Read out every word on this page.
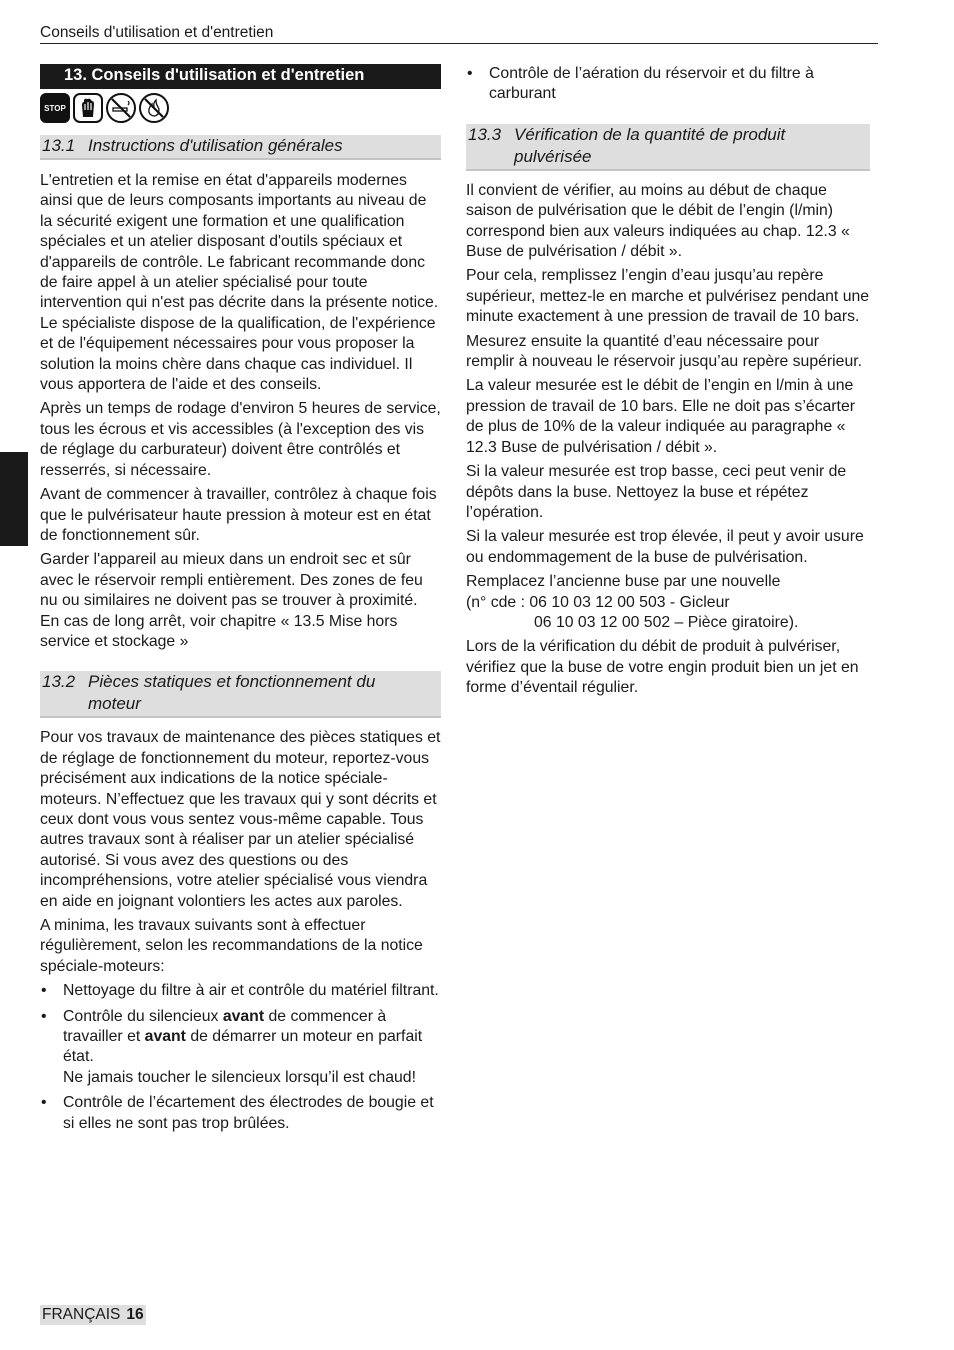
Conseils d'utilisation et d'entretien
13. Conseils d'utilisation et d'entretien
STOP
13.1 Instructions d'utilisation générales

L'entretien et la remise en état d'appareils modernes ainsi que de leurs composants importants au niveau de la sécurité exigent une formation et une qualification spéciales et un atelier disposant d'outils spéciaux et d'appareils de contrôle. Le fabricant recommande donc de faire appel à un atelier spécialisé pour toute intervention qui n'est pas décrite dans la présente notice. Le spécialiste dispose de la qualification, de l'expérience et de l'équipement nécessaires pour vous proposer la solution la moins chère dans chaque cas individuel. Il vous apportera de l'aide et des conseils.

Après un temps de rodage d'environ 5 heures de service, tous les écrous et vis accessibles (à l'exception des vis de réglage du carburateur) doivent être contrôlés et resserrés, si nécessaire.

Avant de commencer à travailler, contrôlez à chaque fois que le pulvérisateur haute pression à moteur est en état de fonctionnement sûr.

Garder l'appareil au mieux dans un endroit sec et sûr avec le réservoir rempli entièrement. Des zones de feu nu ou similaires ne doivent pas se trouver à proximité. En cas de long arrêt, voir chapitre « 13.5 Mise hors service et stockage »

13.2 Pièces statiques et fonctionnement du
moteur

Pour vos travaux de maintenance des pièces statiques et de réglage de fonctionnement du moteur, reportez-vous précisément aux indications de la notice spéciale-moteurs. N’effectuez que les travaux qui y sont décrits et ceux dont vous vous sentez vous-même capable. Tous autres travaux sont à réaliser par un atelier spécialisé autorisé. Si vous avez des questions ou des incompréhensions, votre atelier spécialisé vous viendra en aide en joignant volontiers les actes aux paroles.

A minima, les travaux suivants sont à effectuer régulièrement, selon les recommandations de la notice spéciale-moteurs:

• Nettoyage du filtre à air et contrôle du matériel filtrant.
• Contrôle du silencieux avant de commencer à travailler et avant de démarrer un moteur en parfait état.
Ne jamais toucher le silencieux lorsqu’il est chaud!
• Contrôle de l’écartement des électrodes de bougie et si elles ne sont pas trop brûlées.
• Contrôle de l’aération du réservoir et du filtre à carburant
13.3 Vérification de la quantité de produit
pulvérisée

Il convient de vérifier, au moins au début de chaque saison de pulvérisation que le débit de l’engin (l/min) correspond bien aux valeurs indiquées au chap. 12.3 « Buse de pulvérisation / débit ».

Pour cela, remplissez l’engin d’eau jusqu’au repère supérieur, mettez-le en marche et pulvérisez pendant une minute exactement à une pression de travail de 10 bars.

Mesurez ensuite la quantité d’eau nécessaire pour remplir à nouveau le réservoir jusqu’au repère supérieur.

La valeur mesurée est le débit de l’engin en l/min à une pression de travail de 10 bars. Elle ne doit pas s’écarter de plus de 10% de la valeur indiquée au paragraphe « 12.3 Buse de pulvérisation / débit ».

Si la valeur mesurée est trop basse, ceci peut venir de dépôts dans la buse. Nettoyez la buse et répétez l’opération.

Si la valeur mesurée est trop élevée, il peut y avoir usure ou endommagement de la buse de pulvérisation.

Remplacez l’ancienne buse par une nouvelle
(n° cde : 06 10 03 12 00 503 - Gicleur
06 10 03 12 00 502 – Pièce giratoire).

Lors de la vérification du débit de produit à pulvériser, vérifiez que la buse de votre engin produit bien un jet en forme d’éventail régulier.

FRANÇAIS 16
